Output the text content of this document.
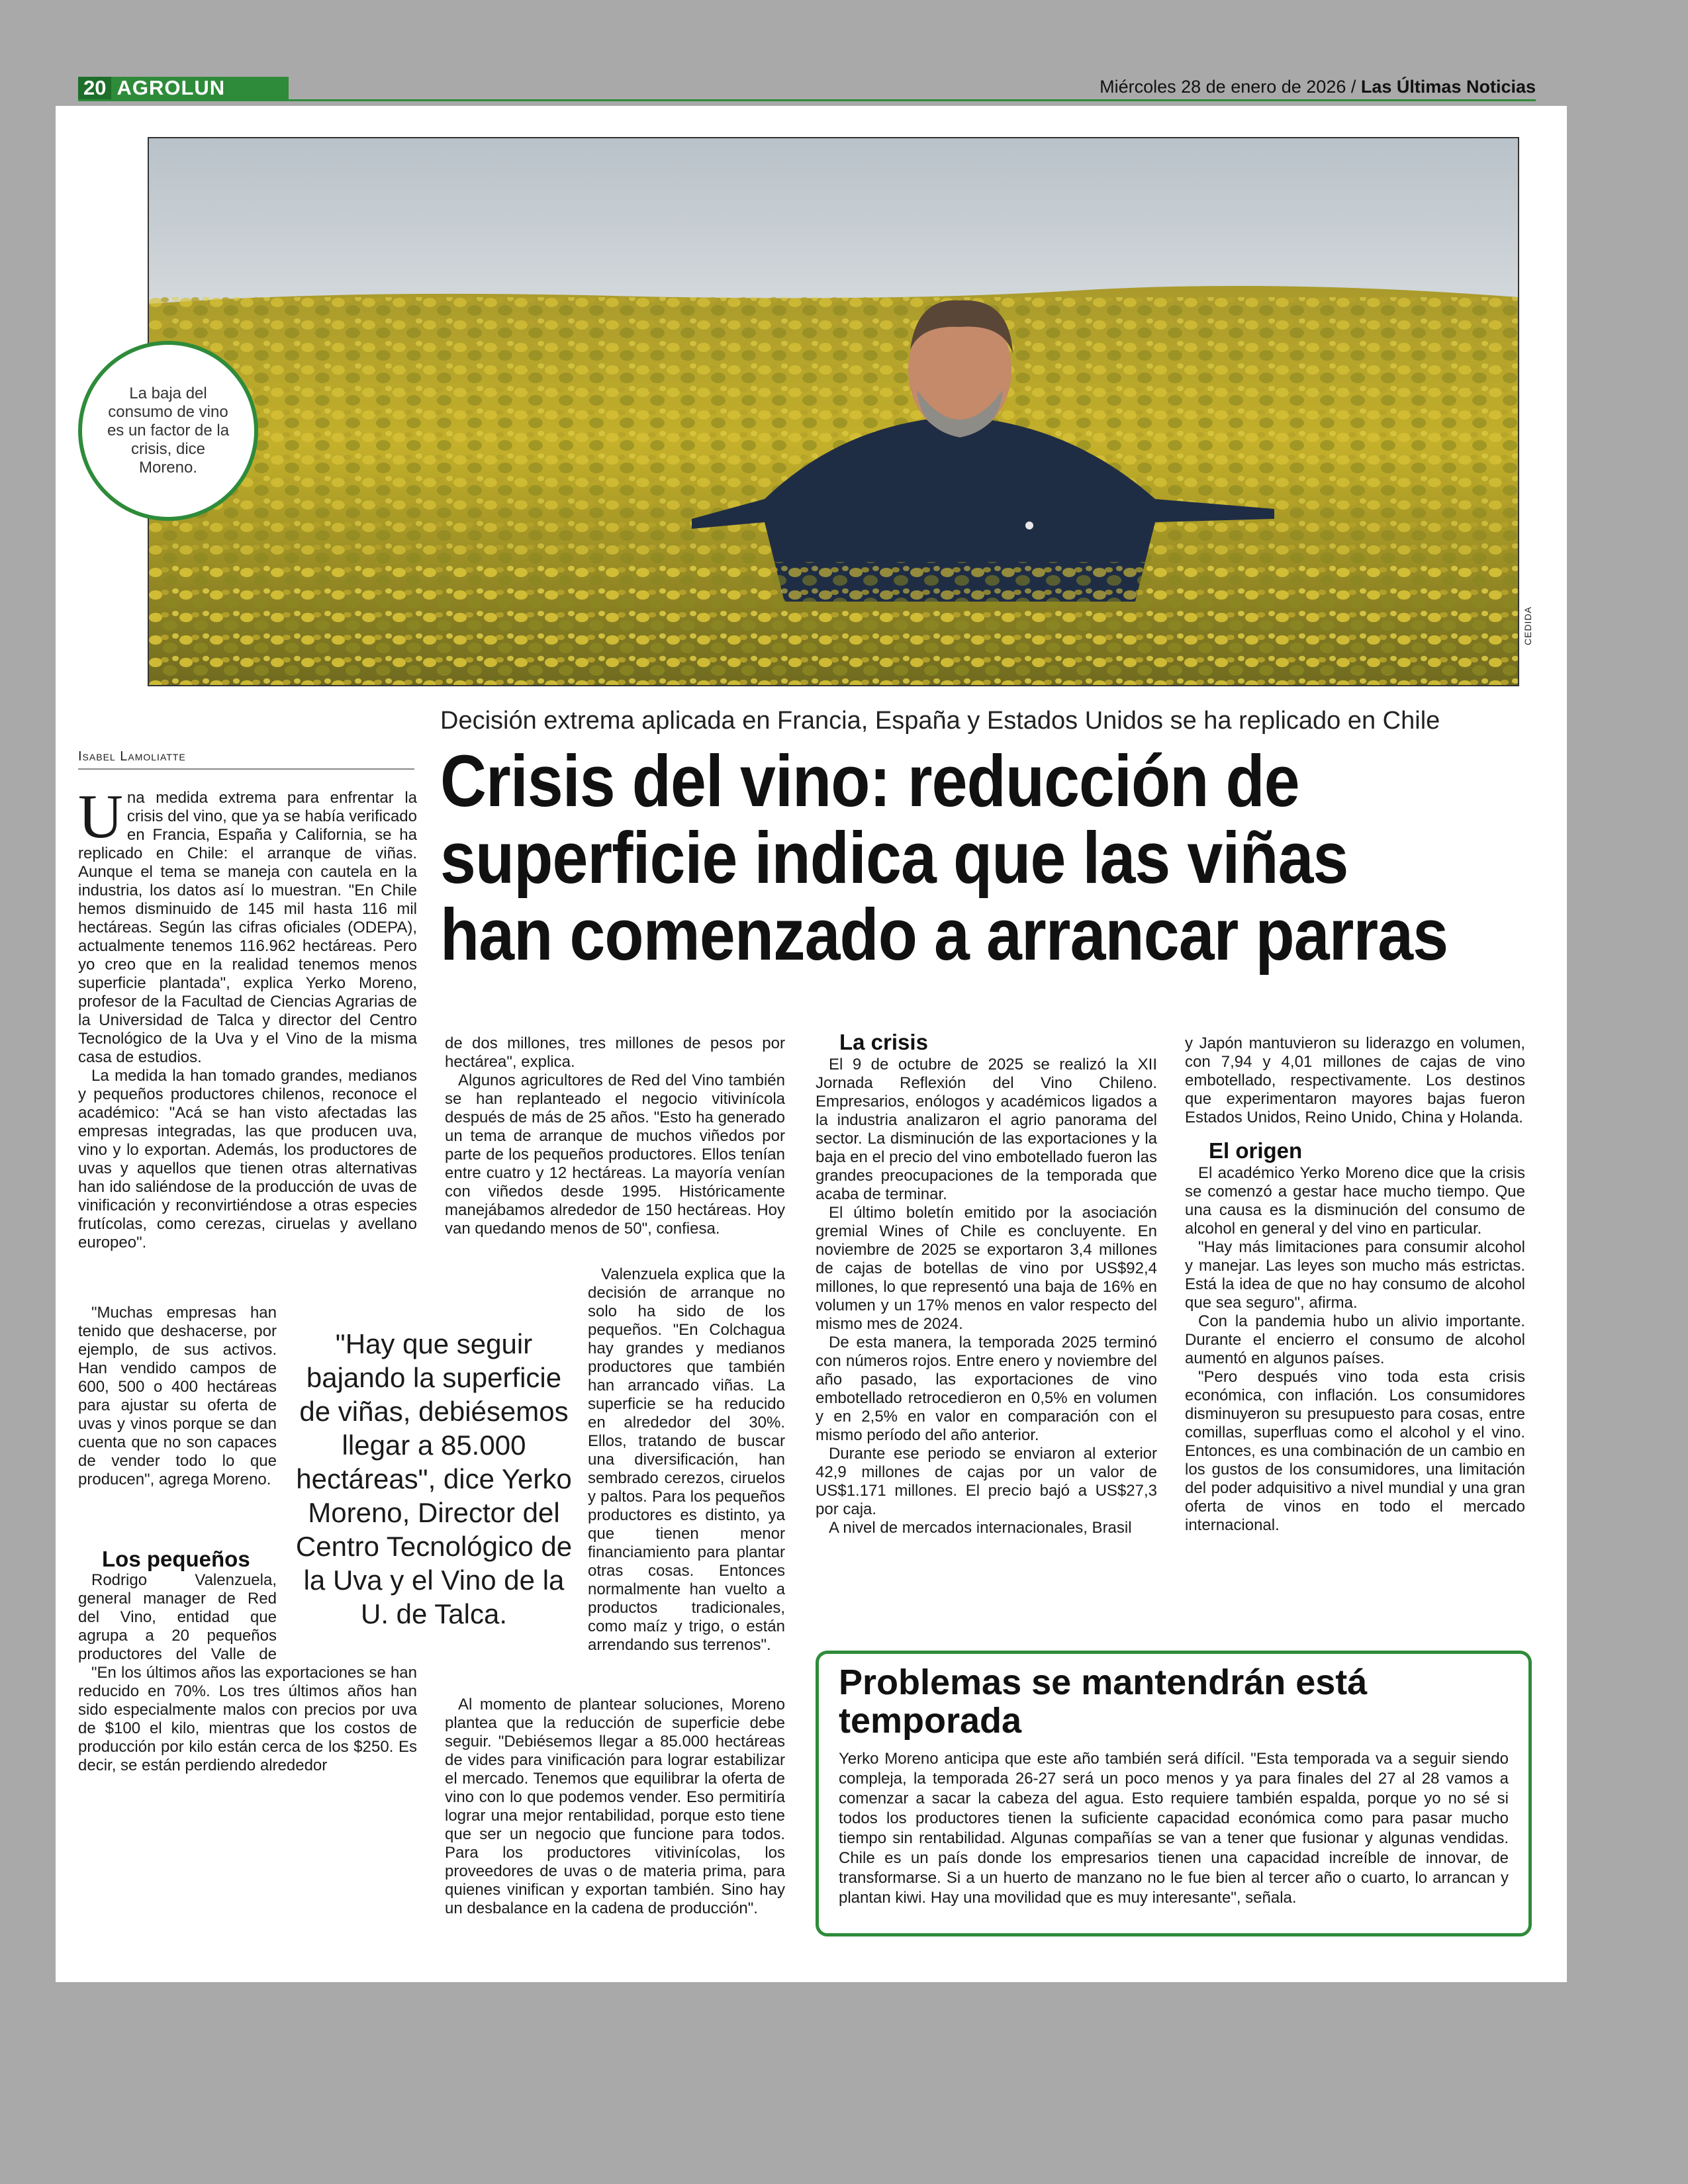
20 AGROLUN	Miércoles 28 de enero de 2026 / Las Últimas Noticias
CEDIDA
La baja del consumo de vino es un factor de la crisis, dice Moreno.
Isabel Lamoliatte
Decisión extrema aplicada en Francia, España y Estados Unidos se ha replicado en Chile
Crisis del vino: reducción de
superficie indica que las viñas
han comenzado a arrancar parras

Una medida extrema para enfrentar la crisis del vino, que ya se había verificado en Francia, España y California, se ha replicado en Chile: el arranque de viñas. Aunque el tema se maneja con cautela en la industria, los datos así lo muestran. "En Chile hemos disminuido de 145 mil hasta 116 mil hectáreas. Según las cifras oficiales (ODEPA), actualmente tenemos 116.962 hectáreas. Pero yo creo que en la realidad tenemos menos superficie plantada", explica Yerko Moreno, profesor de la Facultad de Ciencias Agrarias de la Universidad de Talca y director del Centro Tecnológico de la Uva y el Vino de la misma casa de estudios.

La medida la han tomado grandes, medianos y pequeños productores chilenos, reconoce el académico: "Acá se han visto afectadas las empresas integradas, las que producen uva, vino y lo exportan. Además, los productores de uvas y aquellos que tienen otras alternativas han ido saliéndose de la producción de uvas de vinificación y reconvirtiéndose a otras especies frutícolas, como cerezas, ciruelas y avellano europeo".

"Muchas empresas han tenido que deshacerse, por ejemplo, de sus activos. Han vendido campos de 600, 500 o 400 hectáreas para ajustar su oferta de uvas y vinos porque se dan cuenta que no son capaces de vender todo lo que producen", agrega Moreno.

Los pequeños

Rodrigo Valenzuela, general manager de Red del Vino, entidad que agrupa a 20 pequeños productores del Valle de

"En los últimos años las exportaciones se han reducido en 70%. Los tres últimos años han sido especialmente malos con precios por uva de $100 el kilo, mientras que los costos de producción por kilo están cerca de los $250. Es decir, se están perdiendo alrededor

"Hay que seguir bajando la superficie de viñas, debiésemos llegar a 85.000 hectáreas", dice Yerko Moreno, Director del Centro Tecnológico de la Uva y el Vino de la U. de Talca.

de dos millones, tres millones de pesos por hectárea", explica.

Algunos agricultores de Red del Vino también se han replanteado el negocio vitivinícola después de más de 25 años. "Esto ha generado un tema de arranque de muchos viñedos por parte de los pequeños productores. Ellos tenían entre cuatro y 12 hectáreas. La mayoría venían con viñedos desde 1995. Históricamente manejábamos alrededor de 150 hectáreas. Hoy van quedando menos de 50", confiesa.

Valenzuela explica que la decisión de arranque no solo ha sido de los pequeños. "En Colchagua hay grandes y medianos productores que también han arrancado viñas. La superficie se ha reducido en alrededor del 30%. Ellos, tratando de buscar una diversificación, han sembrado cerezos, ciruelos y paltos. Para los pequeños productores es distinto, ya que tienen menor financiamiento para plantar otras cosas. Entonces normalmente han vuelto a productos tradicionales, como maíz y trigo, o están arrendando sus terrenos".

Al momento de plantear soluciones, Moreno plantea que la reducción de superficie debe seguir. "Debiésemos llegar a 85.000 hectáreas de vides para vinificación para lograr estabilizar el mercado. Tenemos que equilibrar la oferta de vino con lo que podemos vender. Eso permitiría lograr una mejor rentabilidad, porque esto tiene que ser un negocio que funcione para todos. Para los productores vitivinícolas, los proveedores de uvas o de materia prima, para quienes vinifican y exportan también. Sino hay un desbalance en la cadena de producción".

La crisis

El 9 de octubre de 2025 se realizó la XII Jornada Reflexión del Vino Chileno. Empresarios, enólogos y académicos ligados a la industria analizaron el agrio panorama del sector. La disminución de las exportaciones y la baja en el precio del vino embotellado fueron las grandes preocupaciones de la temporada que acaba de terminar.

El último boletín emitido por la asociación gremial Wines of Chile es concluyente. En noviembre de 2025 se exportaron 3,4 millones de cajas de botellas de vino por US$92,4 millones, lo que representó una baja de 16% en volumen y un 17% menos en valor respecto del mismo mes de 2024.

De esta manera, la temporada 2025 terminó con números rojos. Entre enero y noviembre del año pasado, las exportaciones de vino embotellado retrocedieron en 0,5% en volumen y en 2,5% en valor en comparación con el mismo período del año anterior.

Durante ese periodo se enviaron al exterior 42,9 millones de cajas por un valor de US$1.171 millones. El precio bajó a US$27,3 por caja.

A nivel de mercados internacionales, Brasil

y Japón mantuvieron su liderazgo en volumen, con 7,94 y 4,01 millones de cajas de vino embotellado, respectivamente. Los destinos que experimentaron mayores bajas fueron Estados Unidos, Reino Unido, China y Holanda.

El origen

El académico Yerko Moreno dice que la crisis se comenzó a gestar hace mucho tiempo. Que una causa es la disminución del consumo de alcohol en general y del vino en particular.

"Hay más limitaciones para consumir alcohol y manejar. Las leyes son mucho más estrictas. Está la idea de que no hay consumo de alcohol que sea seguro", afirma.

Con la pandemia hubo un alivio importante. Durante el encierro el consumo de alcohol aumentó en algunos países.

"Pero después vino toda esta crisis económica, con inflación. Los consumidores disminuyeron su presupuesto para cosas, entre comillas, superfluas como el alcohol y el vino. Entonces, es una combinación de un cambio en los gustos de los consumidores, una limitación del poder adquisitivo a nivel mundial y una gran oferta de vinos en todo el mercado internacional.

Problemas se mantendrán está temporada

Yerko Moreno anticipa que este año también será difícil. "Esta temporada va a seguir siendo compleja, la temporada 26-27 será un poco menos y ya para finales del 27 al 28 vamos a comenzar a sacar la cabeza del agua. Esto requiere también espalda, porque yo no sé si todos los productores tienen la suficiente capacidad económica como para pasar mucho tiempo sin rentabilidad. Algunas compañías se van a tener que fusionar y algunas vendidas. Chile es un país donde los empresarios tienen una capacidad increíble de innovar, de transformarse. Si a un huerto de manzano no le fue bien al tercer año o cuarto, lo arrancan y plantan kiwi. Hay una movilidad que es muy interesante", señala.
